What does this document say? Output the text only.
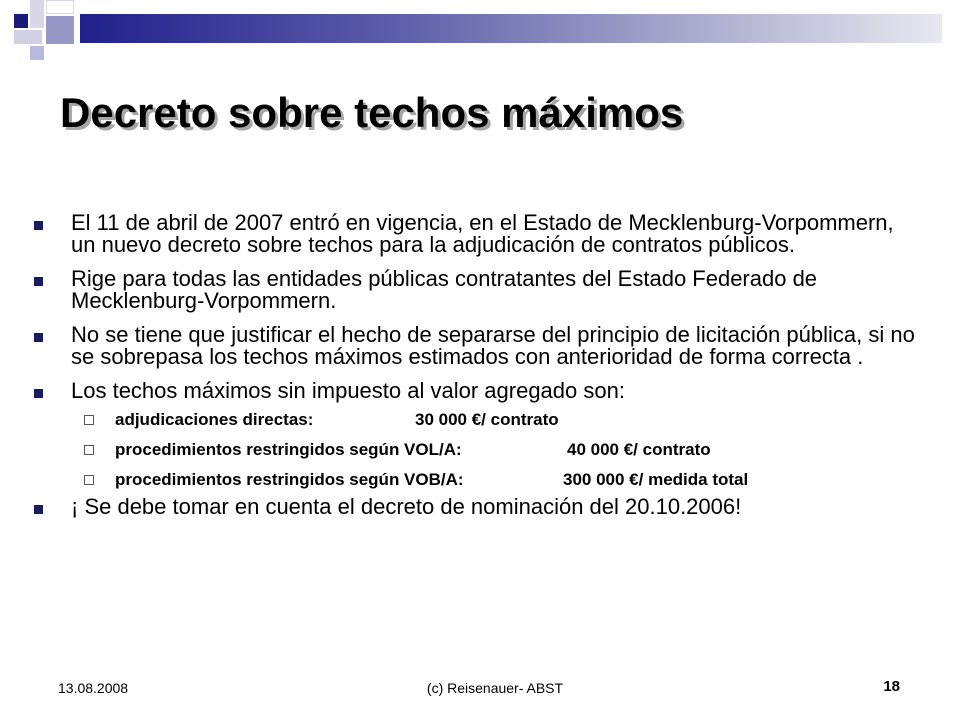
Decreto sobre techos máximos
El 11 de abril de 2007 entró en vigencia, en el Estado de Mecklenburg-Vorpommern, un nuevo decreto sobre techos para la adjudicación de contratos públicos.
Rige para todas las entidades públicas contratantes del Estado Federado de Mecklenburg-Vorpommern.
No se tiene que justificar el hecho de separarse del principio de licitación pública, si no se sobrepasa los techos máximos estimados con anterioridad de forma correcta .
Los techos máximos sin impuesto al valor agregado son:
adjudicaciones directas:	30 000 €/ contrato
procedimientos restringidos según VOL/A:	40 000 €/ contrato
procedimientos restringidos según VOB/A:	300 000 €/ medida total
¡ Se debe tomar en cuenta el decreto de nominación del 20.10.2006!
13.08.2008	(c) Reisenauer- ABST	18
